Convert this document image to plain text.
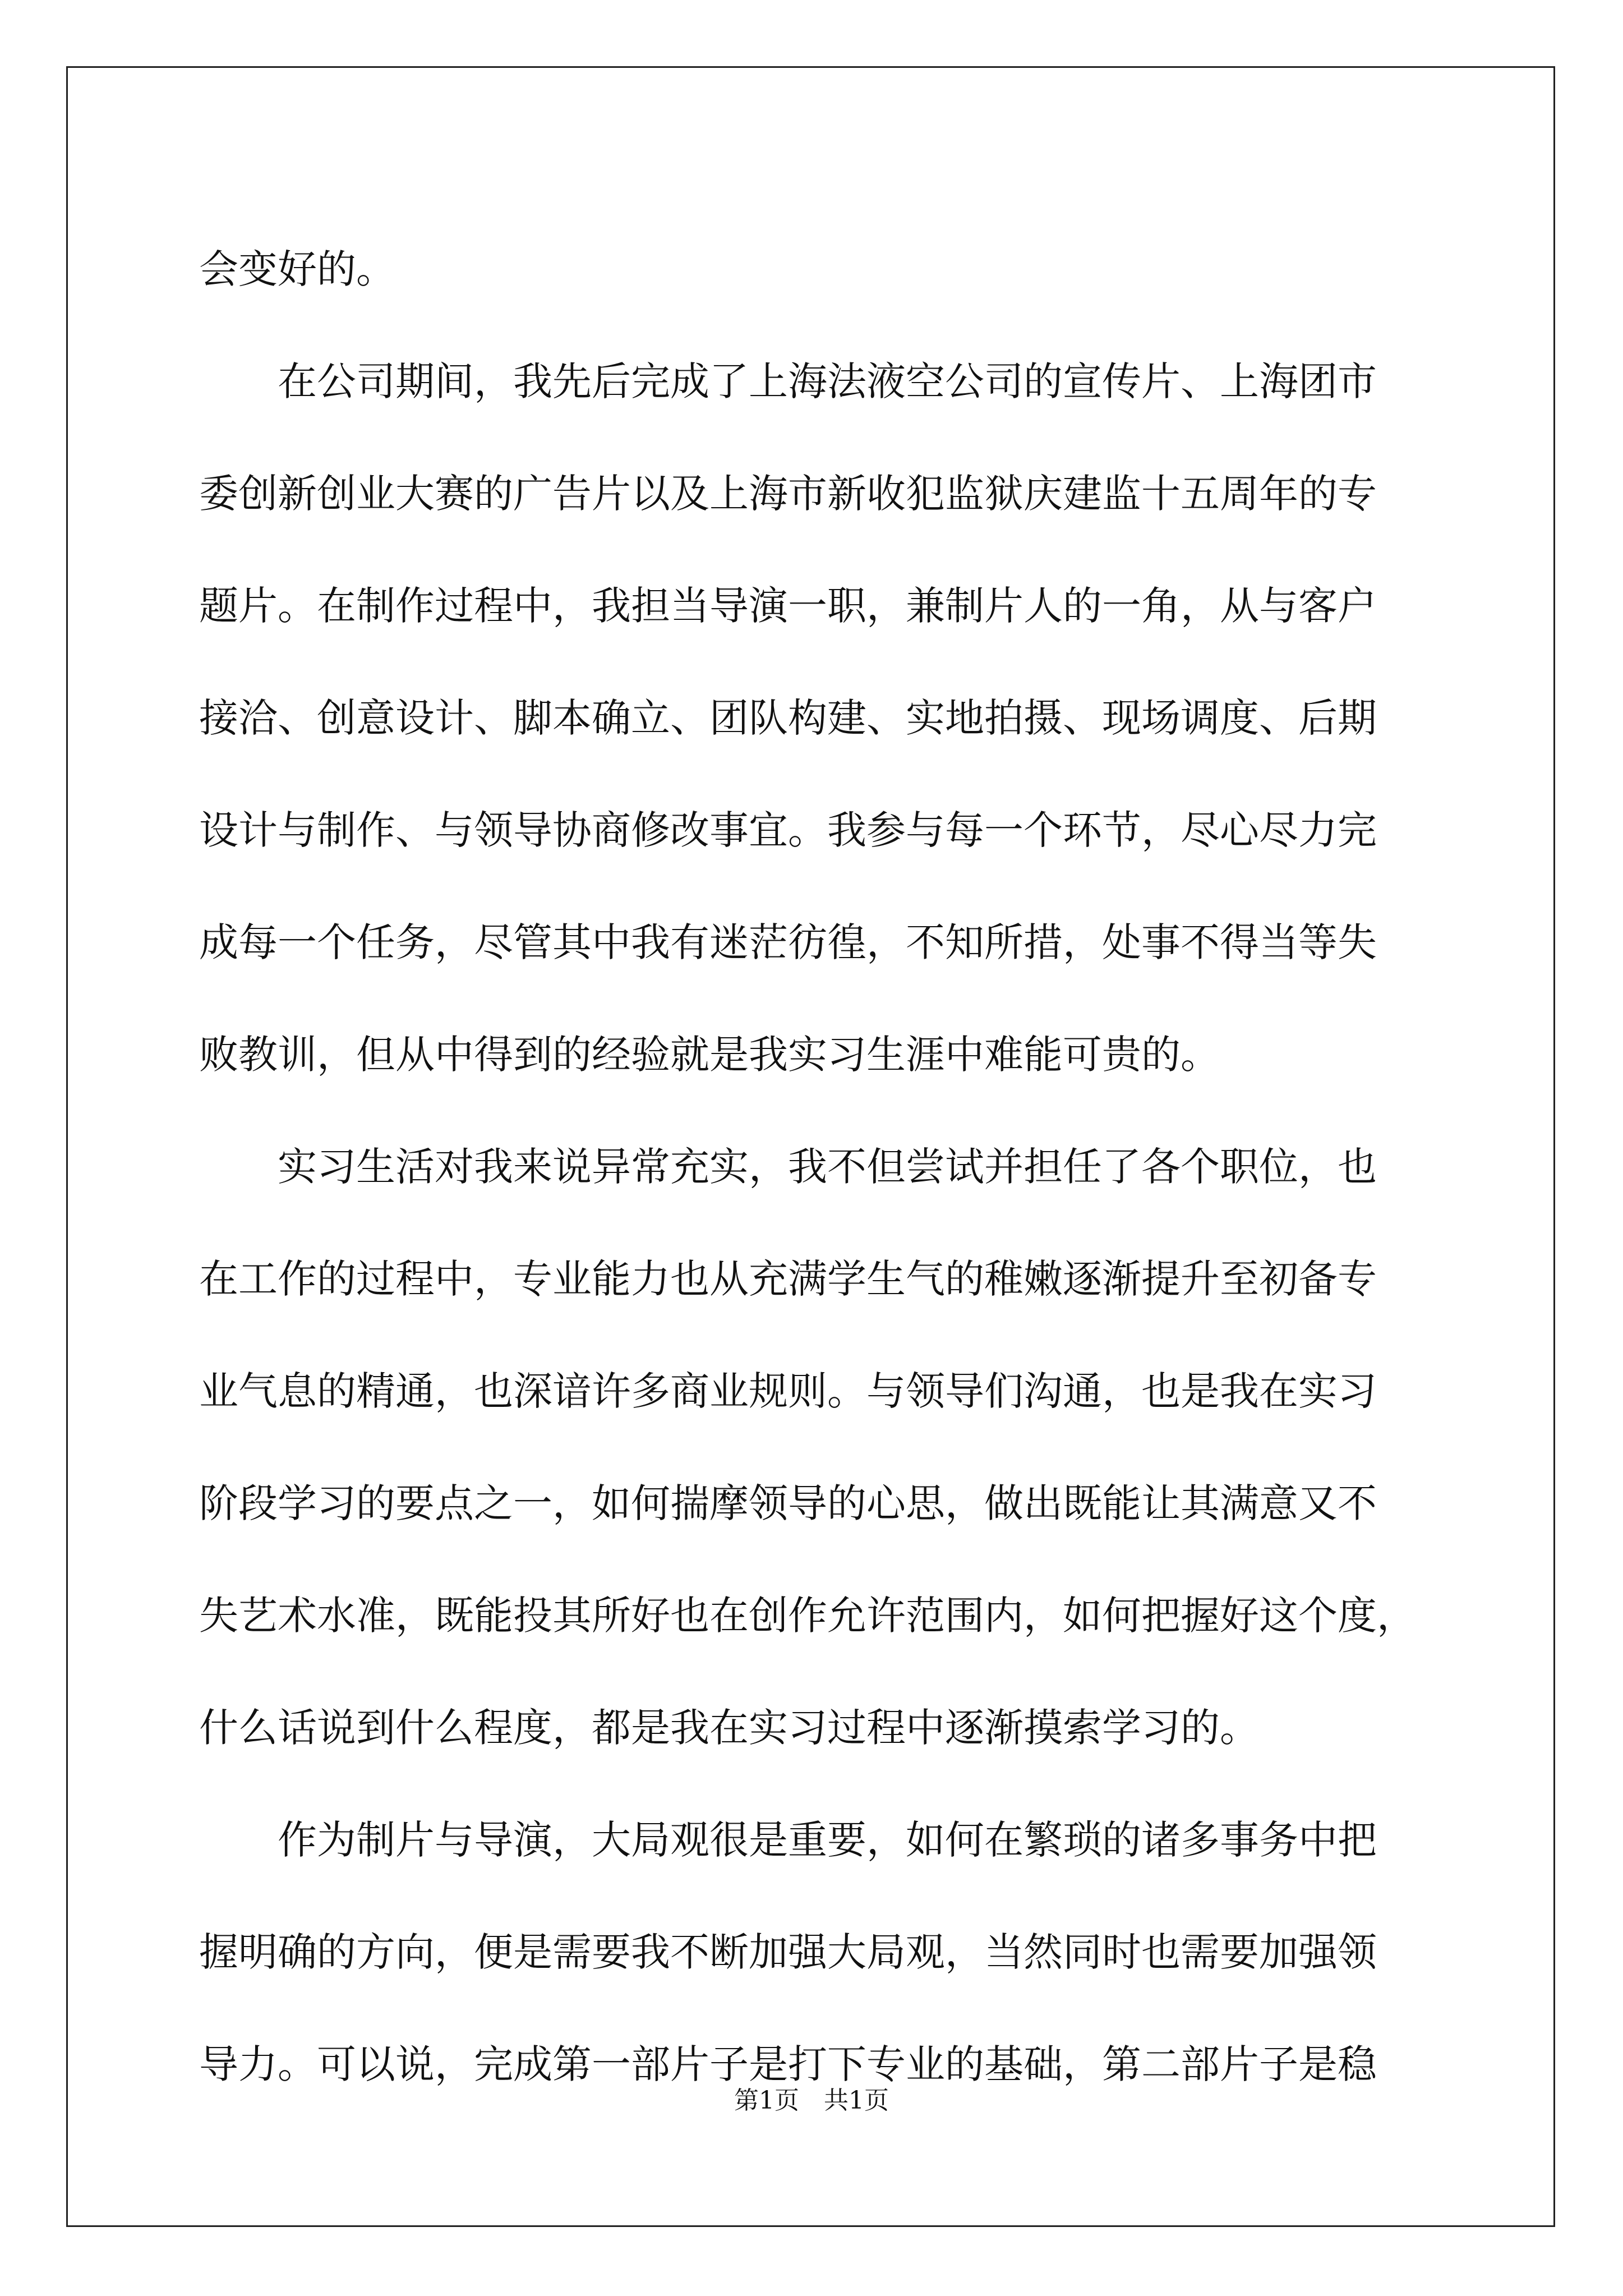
会变好的。
　　在公司期间，我先后完成了上海法液空公司的宣传片、上海团市
委创新创业大赛的广告片以及上海市新收犯监狱庆建监十五周年的专
题片。在制作过程中，我担当导演一职，兼制片人的一角，从与客户
接洽、创意设计、脚本确立、团队构建、实地拍摄、现场调度、后期
设计与制作、与领导协商修改事宜。我参与每一个环节，尽心尽力完
成每一个任务，尽管其中我有迷茫彷徨，不知所措，处事不得当等失
败教训，但从中得到的经验就是我实习生涯中难能可贵的。
　　实习生活对我来说异常充实，我不但尝试并担任了各个职位，也
在工作的过程中，专业能力也从充满学生气的稚嫩逐渐提升至初备专
业气息的精通，也深谙许多商业规则。与领导们沟通，也是我在实习
阶段学习的要点之一，如何揣摩领导的心思，做出既能让其满意又不
失艺术水准，既能投其所好也在创作允许范围内，如何把握好这个度，
什么话说到什么程度，都是我在实习过程中逐渐摸索学习的。
　　作为制片与导演，大局观很是重要，如何在繁琐的诸多事务中把
握明确的方向，便是需要我不断加强大局观，当然同时也需要加强领
导力。可以说，完成第一部片子是打下专业的基础，第二部片子是稳
第1页　共1页
